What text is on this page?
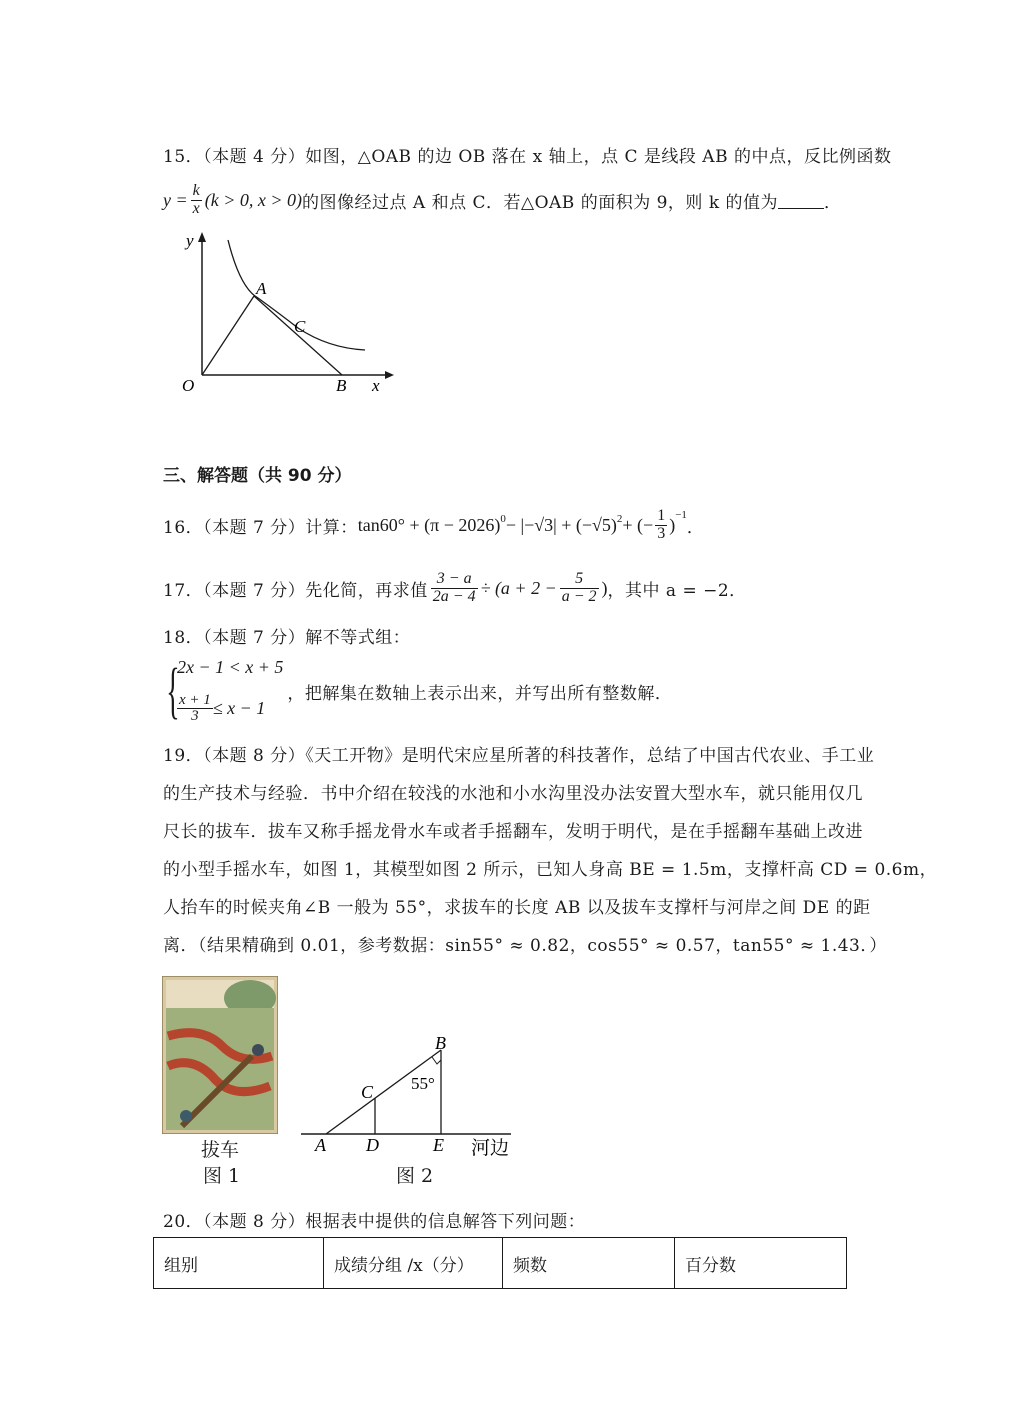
15．（本题 4 分）如图，△OAB 的边 OB 落在 x 轴上，点 C 是线段 AB 的中点，反比例函数
$y = \frac{k}{x} (k > 0$, x > 0) 的图像经过点 A 和点 C．若△OAB 的面积为 9，则 k 的值为	．
y
x
O
A
B
C
三、解答题（共 90 分）
16．（本题 7 分）计算： $\tan 60^\circ + (\pi - 2026)^0 - |-√3| + (-√5)^2$ + (− $\frac{1}{3} )^{-1}$
．
17．（本题 7 分）先化简，再求值 $\frac{3 - a}{2a - 4} \div (a + 2 - \frac{5}{a - 2}$ ) ，其中 a = −2．
18．（本题 7 分）解不等式组：
{
2x − 1 < x + 5
$\frac{x + 1}{3} \le x - 1$
，把解集在数轴上表示出来，并写出所有整数解．
19．（本题 8 分）《天工开物》是明代宋应星所著的科技著作，总结了中国古代农业、手工业
的生产技术与经验．书中介绍在较浅的水池和小水沟里没办法安置大型水车，就只能用仅几
尺长的拔车．拔车又称手摇龙骨水车或者手摇翻车，发明于明代，是在手摇翻车基础上改进
的小型手摇水车，如图 1，其模型如图 2 所示，已知人身高 BE = 1.5m，支撑杆高 CD = 0.6m，
人抬车的时候夹角∠B 一般为 55°，求拔车的长度 AB 以及拔车支撑杆与河岸之间 DE 的距
离．（结果精确到 0.01，参考数据：sin55° ≈ 0.82，cos55° ≈ 0.57，tan55° ≈ 1.43．）
拔车
图 1
B
C 55°
A D	E 河边
图 2
20．（本题 8 分）根据表中提供的信息解答下列问题：
组别	成绩分组 /x（分）	频数	百分数
